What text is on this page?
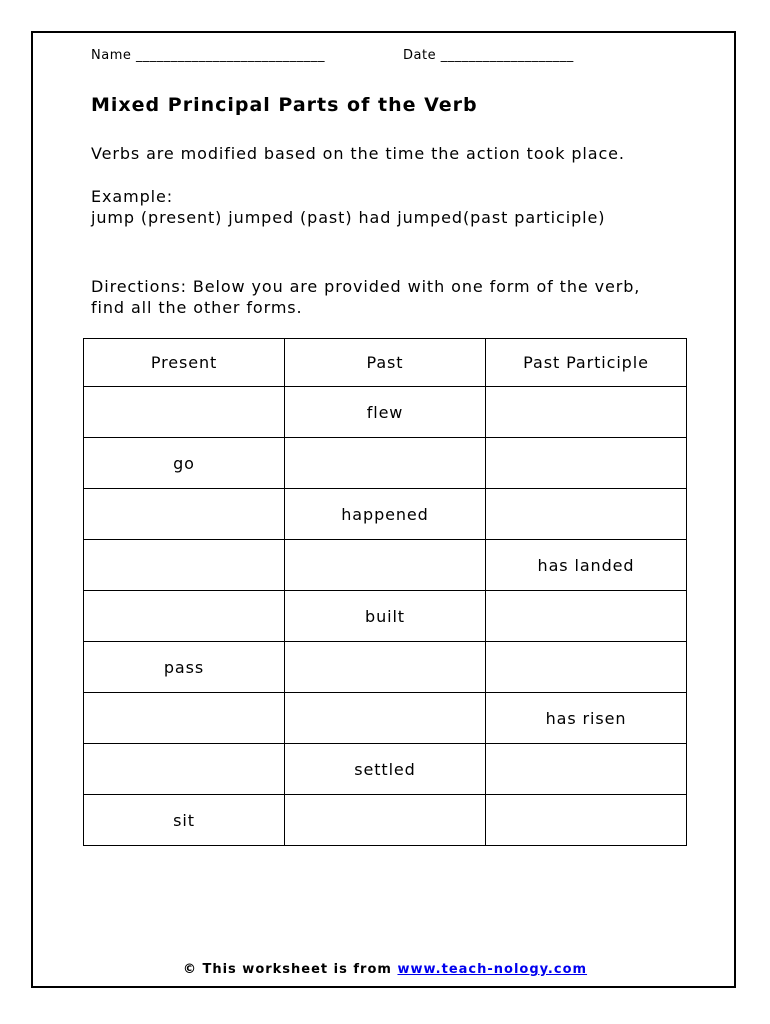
Name ___________________________	Date ___________________
Mixed Principal Parts of the Verb

Verbs are modified based on the time the action took place.

Example:
jump (present) jumped (past) had jumped(past participle)
Directions: Below you are provided with one form of the verb,
find all the other forms.
Present	Past	Past Participle
	flew	
go		
	happened	
		has landed
	built	
pass		
		has risen
	settled	
sit		
© This worksheet is from www.teach-nology.com
